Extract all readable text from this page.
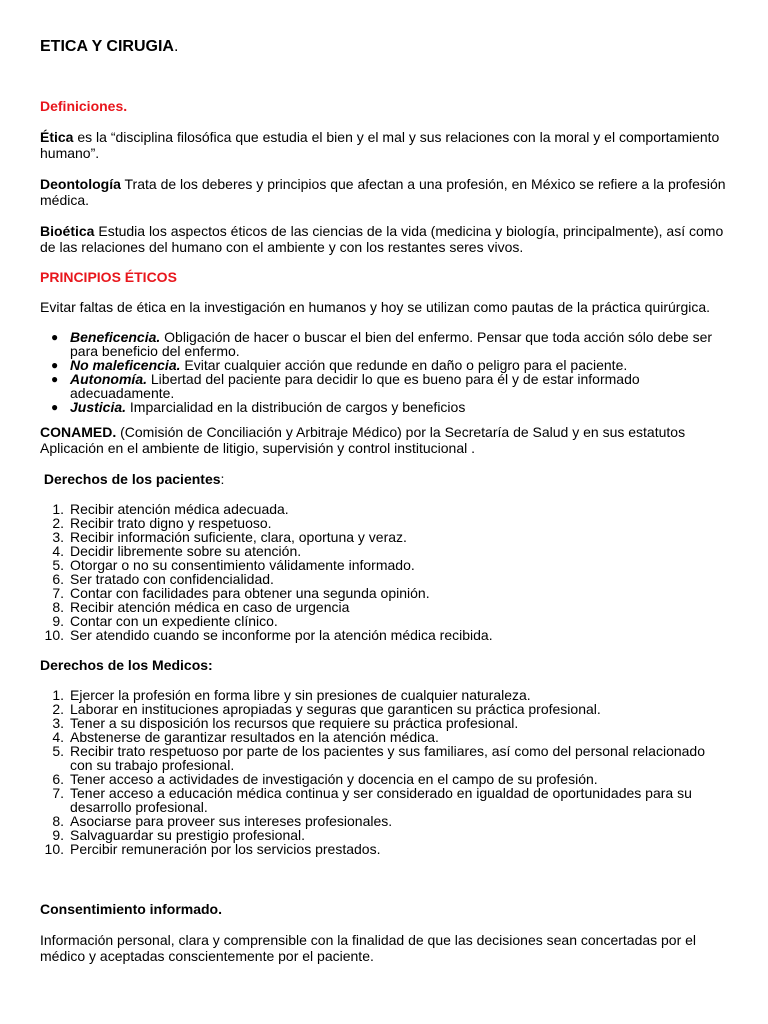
ETICA Y CIRUGIA.
Definiciones.

Ética es la “disciplina filosófica que estudia el bien y el mal y sus relaciones con la moral y el comportamiento humano”.

Deontología Trata de los deberes y principios que afectan a una profesión, en México se refiere a la profesión médica.

Bioética Estudia los aspectos éticos de las ciencias de la vida (medicina y biología, principalmente), así como de las relaciones del humano con el ambiente y con los restantes seres vivos.

PRINCIPIOS ÉTICOS

Evitar faltas de ética en la investigación en humanos y hoy se utilizan como pautas de la práctica quirúrgica.

● Beneficencia. Obligación de hacer o buscar el bien del enfermo. Pensar que toda acción sólo debe ser para beneficio del enfermo.
● No maleficencia. Evitar cualquier acción que redunde en daño o peligro para el paciente.
● Autonomía. Libertad del paciente para decidir lo que es bueno para él y de estar informado adecuadamente.
● Justicia. Imparcialidad en la distribución de cargos y beneficios

CONAMED. (Comisión de Conciliación y Arbitraje Médico) por la Secretaría de Salud y en sus estatutos Aplicación en el ambiente de litigio, supervisión y control institucional .

Derechos de los pacientes:
1. Recibir atención médica adecuada.
2. Recibir trato digno y respetuoso.
3. Recibir información suficiente, clara, oportuna y veraz.
4. Decidir libremente sobre su atención.
5. Otorgar o no su consentimiento válidamente informado.
6. Ser tratado con confidencialidad.
7. Contar con facilidades para obtener una segunda opinión.
8. Recibir atención médica en caso de urgencia
9. Contar con un expediente clínico.
10. Ser atendido cuando se inconforme por la atención médica recibida.
Derechos de los Medicos:
1. Ejercer la profesión en forma libre y sin presiones de cualquier naturaleza.
2. Laborar en instituciones apropiadas y seguras que garanticen su práctica profesional.
3. Tener a su disposición los recursos que requiere su práctica profesional.
4. Abstenerse de garantizar resultados en la atención médica.
5. Recibir trato respetuoso por parte de los pacientes y sus familiares, así como del personal relacionado con su trabajo profesional.
6. Tener acceso a actividades de investigación y docencia en el campo de su profesión.
7. Tener acceso a educación médica continua y ser considerado en igualdad de oportunidades para su desarrollo profesional.
8. Asociarse para proveer sus intereses profesionales.
9. Salvaguardar su prestigio profesional.
10. Percibir remuneración por los servicios prestados.
Consentimiento informado.

Información personal, clara y comprensible con la finalidad de que las decisiones sean concertadas por el médico y aceptadas conscientemente por el paciente.
